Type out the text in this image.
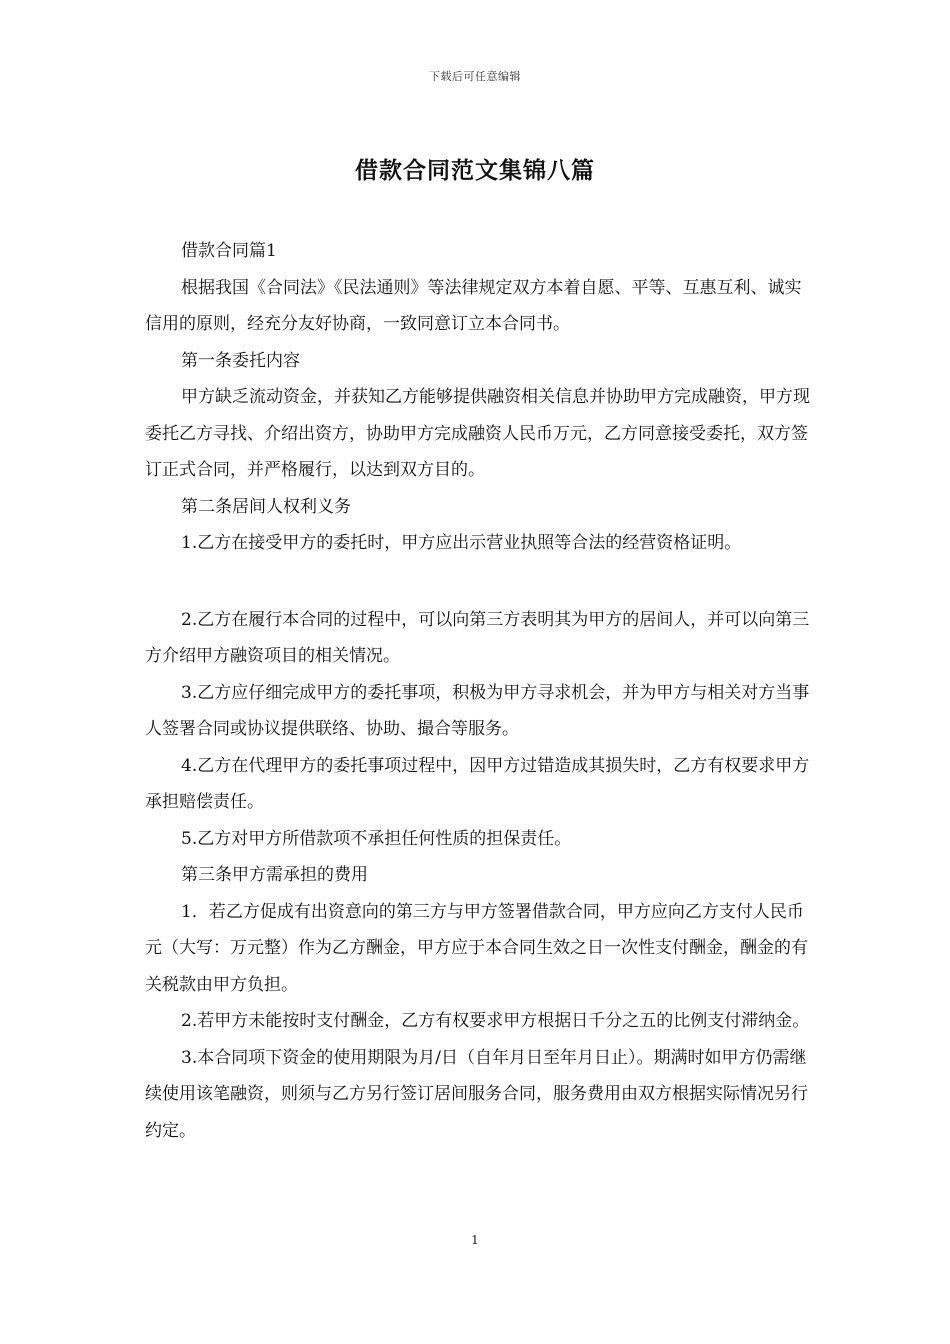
下载后可任意编辑
借款合同范文集锦八篇

借款合同篇1

根据我国《合同法》《民法通则》等法律规定双方本着自愿、平等、互惠互利、诚实信用的原则，经充分友好协商，一致同意订立本合同书。

第一条委托内容

甲方缺乏流动资金，并获知乙方能够提供融资相关信息并协助甲方完成融资，甲方现委托乙方寻找、介绍出资方，协助甲方完成融资人民币万元，乙方同意接受委托，双方签订正式合同，并严格履行，以达到双方目的。

第二条居间人权利义务

1.乙方在接受甲方的委托时，甲方应出示营业执照等合法的经营资格证明。

2.乙方在履行本合同的过程中，可以向第三方表明其为甲方的居间人，并可以向第三方介绍甲方融资项目的相关情况。

3.乙方应仔细完成甲方的委托事项，积极为甲方寻求机会，并为甲方与相关对方当事人签署合同或协议提供联络、协助、撮合等服务。

4.乙方在代理甲方的委托事项过程中，因甲方过错造成其损失时，乙方有权要求甲方承担赔偿责任。

5.乙方对甲方所借款项不承担任何性质的担保责任。

第三条甲方需承担的费用

1．若乙方促成有出资意向的第三方与甲方签署借款合同，甲方应向乙方支付人民币元（大写：万元整）作为乙方酬金，甲方应于本合同生效之日一次性支付酬金，酬金的有关税款由甲方负担。

2.若甲方未能按时支付酬金，乙方有权要求甲方根据日千分之五的比例支付滞纳金。

3.本合同项下资金的使用期限为月/日（自年月日至年月日止）。期满时如甲方仍需继续使用该笔融资，则须与乙方另行签订居间服务合同，服务费用由双方根据实际情况另行约定。

1
